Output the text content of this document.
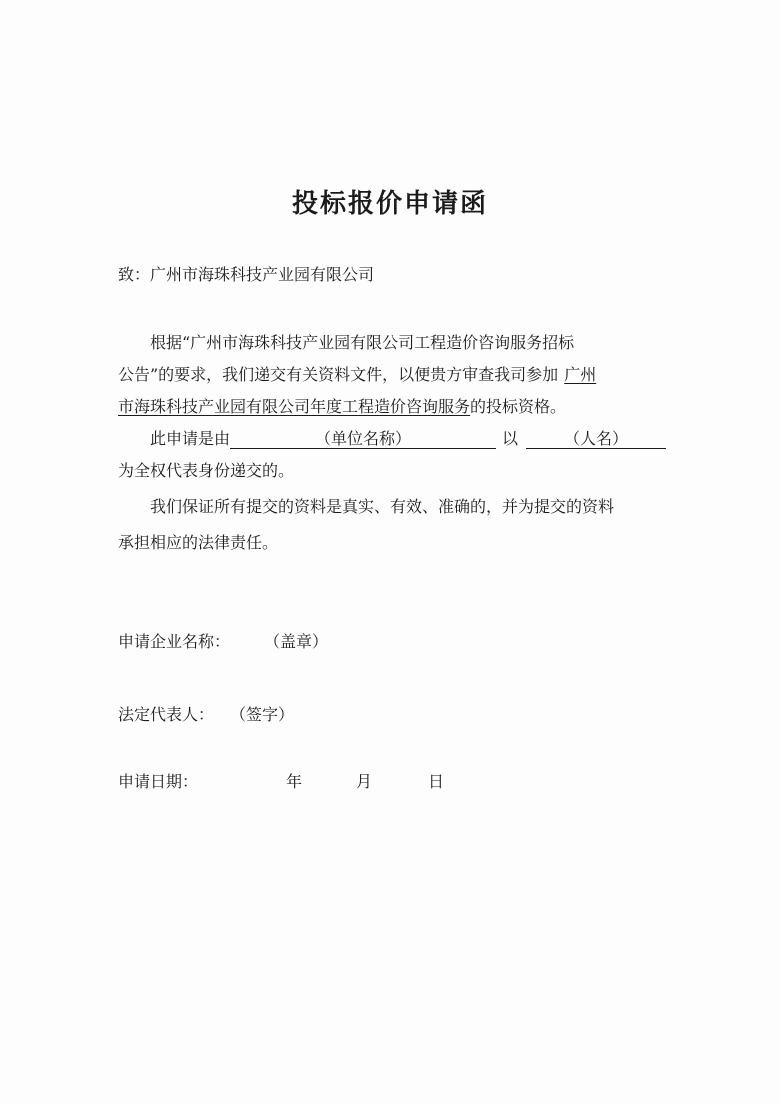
投标报价申请函
致：广州市海珠科技产业园有限公司
根据“广州市海珠科技产业园有限公司工程造价咨询服务招标
公告”的要求，我们递交有关资料文件，以便贵方审查我司参加 广州
市海珠科技产业园有限公司年度工程造价咨询服务的投标资格。
此申请是由	（单位名称）	以	（人名）
为全权代表身份递交的。
我们保证所有提交的资料是真实、有效、准确的，并为提交的资料
承担相应的法律责任。
申请企业名称： （盖章）
法定代表人： （签字）
申请日期：	年	月	日
